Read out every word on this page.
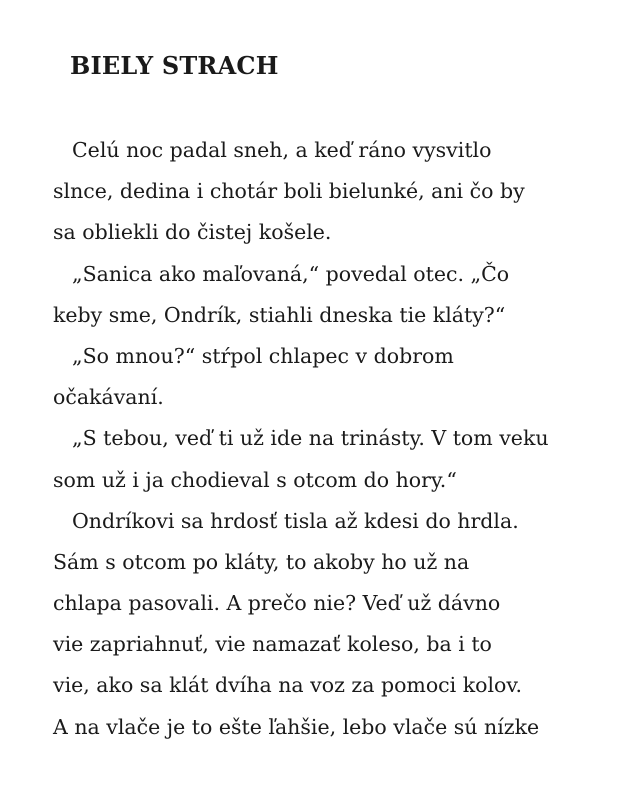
BIELY STRACH
Celú noc padal sneh, a keď ráno vysvitlo
slnce, dedina i chotár boli bielunké, ani čo by
sa obliekli do čistej košele.
„Sanica ako maľovaná,“ povedal otec. „Čo
keby sme, Ondrík, stiahli dneska tie kláty?“
„So mnou?“ stŕpol chlapec v dobrom
očakávaní.
„S tebou, veď ti už ide na trinásty. V tom veku
som už i ja chodieval s otcom do hory.“
Ondríkovi sa hrdosť tisla až kdesi do hrdla.
Sám s otcom po kláty, to akoby ho už na
chlapa pasovali. A prečo nie? Veď už dávno
vie zapriahnuť, vie namazať koleso, ba i to
vie, ako sa klát dvíha na voz za pomoci kolov.
A na vlače je to ešte ľahšie, lebo vlače sú nízke
